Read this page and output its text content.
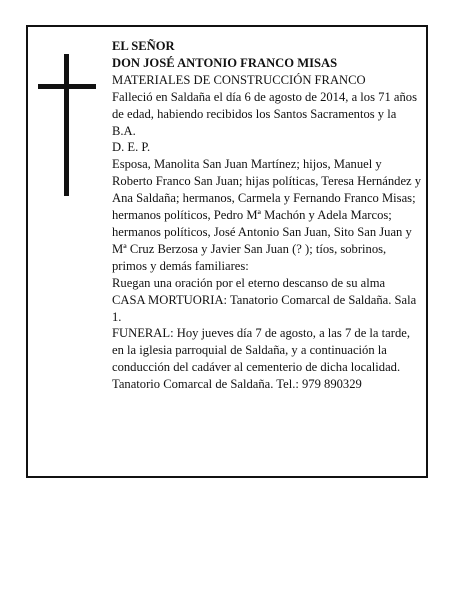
EL SEÑOR

DON JOSÉ ANTONIO FRANCO MISAS

MATERIALES DE CONSTRUCCIÓN FRANCO

Falleció en Saldaña el día 6 de agosto de 2014, a los 71 años de edad, habiendo recibidos los Santos Sacramentos y la B.A.

D. E. P.

Esposa, Manolita San Juan Martínez; hijos, Manuel y Roberto Franco San Juan; hijas políticas, Teresa Hernández y Ana Saldaña; hermanos, Carmela y Fernando Franco Misas; hermanos políticos, Pedro Mª Machón y Adela Marcos; hermanos políticos, José Antonio San Juan, Sito San Juan y Mª Cruz Berzosa y Javier San Juan (? ); tíos, sobrinos, primos y demás familiares:

Ruegan una oración por el eterno descanso de su alma

CASA MORTUORIA: Tanatorio Comarcal de Saldaña. Sala 1.

FUNERAL: Hoy jueves día 7 de agosto, a las 7 de la tarde, en la iglesia parroquial de Saldaña, y a continuación la conducción del cadáver al cementerio de dicha localidad.

Tanatorio Comarcal de Saldaña. Tel.: 979 890329
